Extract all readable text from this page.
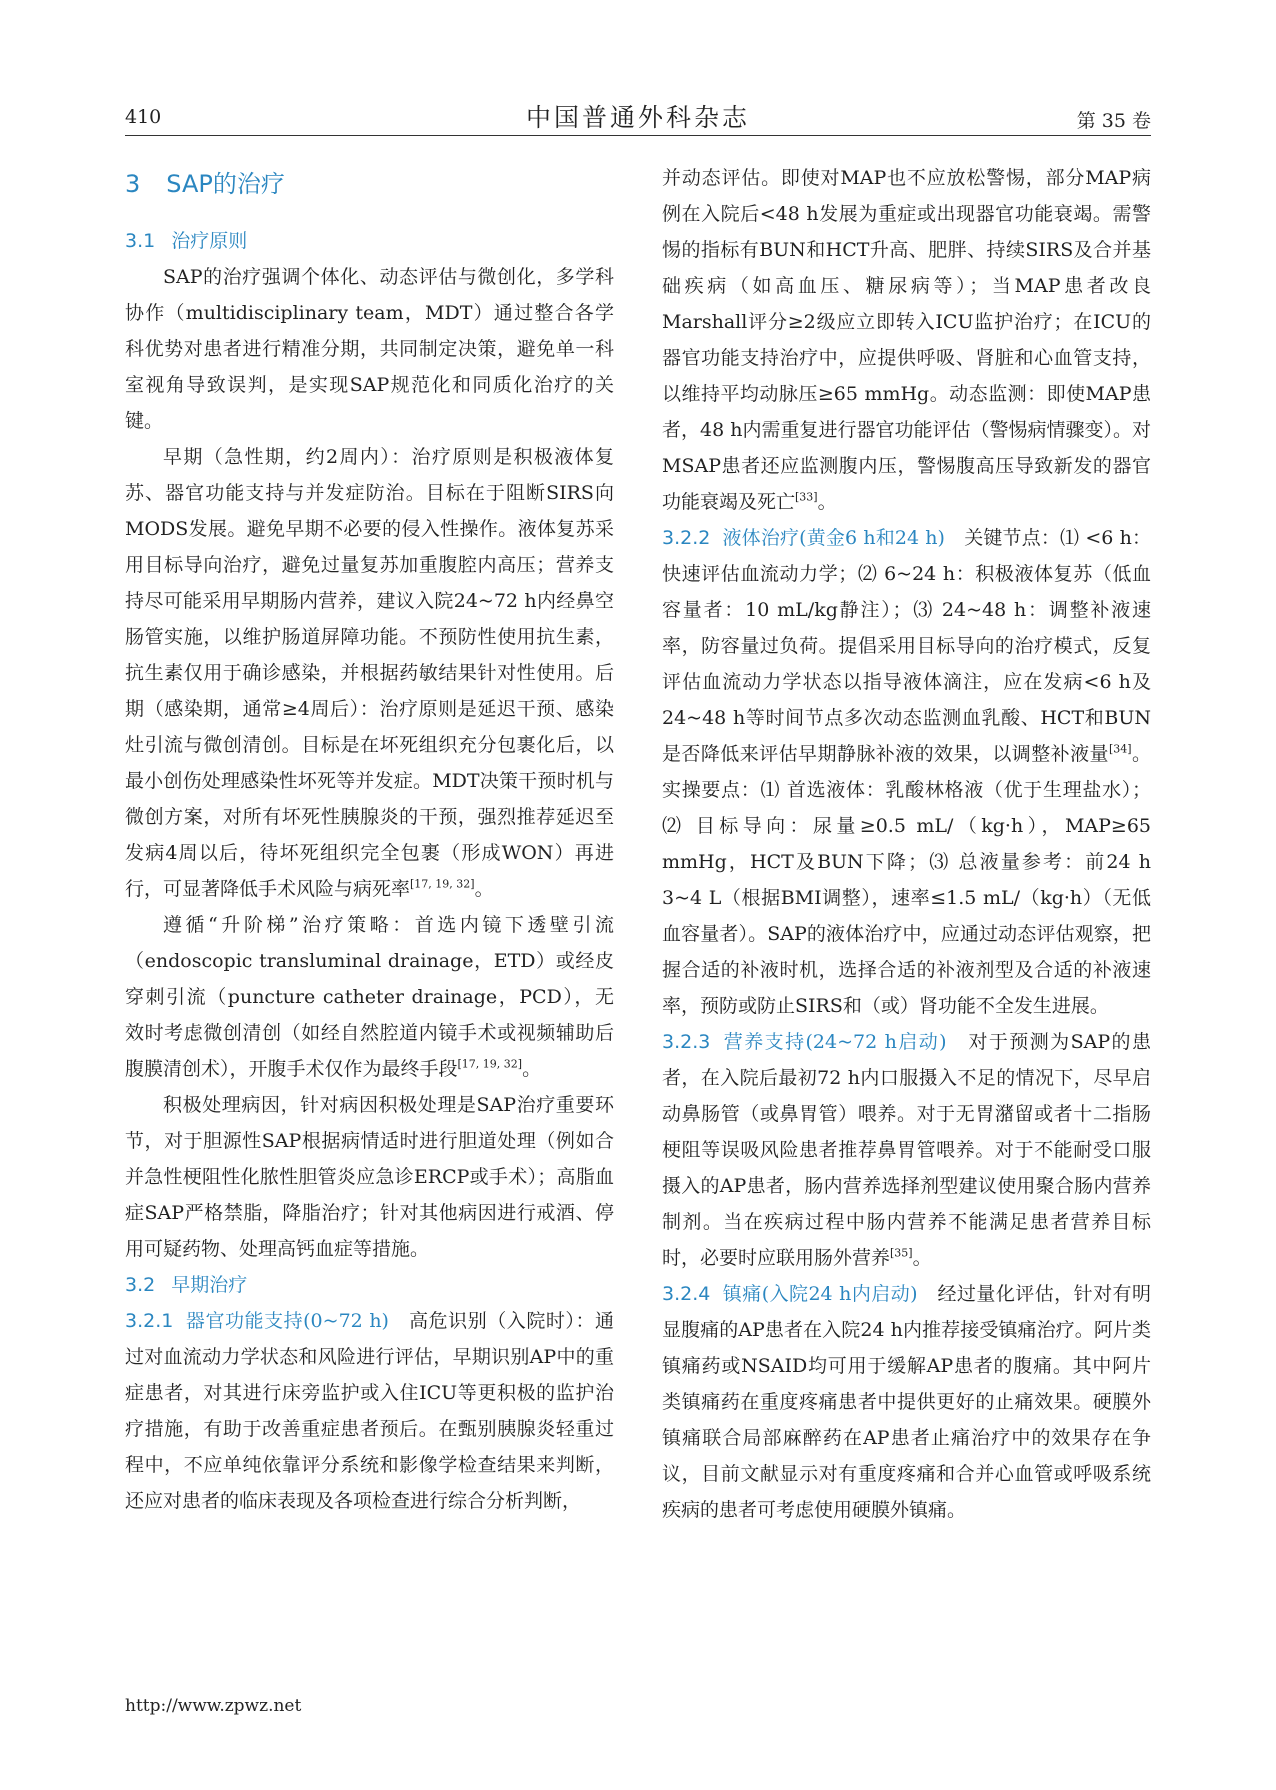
410	中国普通外科杂志	第 35 卷
3 SAP的治疗
3.1 治疗原则

SAP的治疗强调个体化、动态评估与微创化，多学科协作（multidisciplinary team，MDT）通过整合各学科优势对患者进行精准分期，共同制定决策，避免单一科室视角导致误判，是实现SAP规范化和同质化治疗的关键。

早期（急性期，约2周内）：治疗原则是积极液体复苏、器官功能支持与并发症防治。目标在于阻断SIRS向MODS发展。避免早期不必要的侵入性操作。液体复苏采用目标导向治疗，避免过量复苏加重腹腔内高压；营养支持尽可能采用早期肠内营养，建议入院24~72 h内经鼻空肠管实施，以维护肠道屏障功能。不预防性使用抗生素，抗生素仅用于确诊感染，并根据药敏结果针对性使用。后期（感染期，通常≥4周后）：治疗原则是延迟干预、感染灶引流与微创清创。目标是在坏死组织充分包裹化后，以最小创伤处理感染性坏死等并发症。MDT决策干预时机与微创方案，对所有坏死性胰腺炎的干预，强烈推荐延迟至发病4周以后，待坏死组织完全包裹（形成WON）再进行，可显著降低手术风险与病死率[17, 19, 32]。

遵循“升阶梯”治疗策略：首选内镜下透壁引流（endoscopic transluminal drainage，ETD）或经皮穿刺引流（puncture catheter drainage，PCD），无效时考虑微创清创（如经自然腔道内镜手术或视频辅助后腹膜清创术），开腹手术仅作为最终手段[17, 19, 32]。

积极处理病因，针对病因积极处理是SAP治疗重要环节，对于胆源性SAP根据病情适时进行胆道处理（例如合并急性梗阻性化脓性胆管炎应急诊ERCP或手术）；高脂血症SAP严格禁脂，降脂治疗；针对其他病因进行戒酒、停用可疑药物、处理高钙血症等措施。

3.2 早期治疗

3.2.1 器官功能支持(0~72 h)　 高危识别（入院时）：通过对血流动力学状态和风险进行评估，早期识别AP中的重症患者，对其进行床旁监护或入住ICU等更积极的监护治疗措施，有助于改善重症患者预后。在甄别胰腺炎轻重过程中，不应单纯依靠评分系统和影像学检查结果来判断，还应对患者的临床表现及各项检查进行综合分析判断，

并动态评估。即使对MAP也不应放松警惕，部分MAP病例在入院后<48 h发展为重症或出现器官功能衰竭。需警惕的指标有BUN和HCT升高、肥胖、持续SIRS及合并基础疾病（如高血压、糖尿病等）；当MAP患者改良Marshall评分≥2级应立即转入ICU监护治疗；在ICU的器官功能支持治疗中，应提供呼吸、肾脏和心血管支持，以维持平均动脉压≥65 mmHg。动态监测：即使MAP患者，48 h内需重复进行器官功能评估（警惕病情骤变）。对MSAP患者还应监测腹内压，警惕腹高压导致新发的器官功能衰竭及死亡[33]。

3.2.2 液体治疗(黄金6 h和24 h)　 关键节点：⑴ <6 h：快速评估血流动力学；⑵ 6~24 h：积极液体复苏（低血容量者：10 mL/kg静注）；⑶ 24~48 h：调整补液速率，防容量过负荷。提倡采用目标导向的治疗模式，反复评估血流动力学状态以指导液体滴注，应在发病<6 h及24~48 h等时间节点多次动态监测血乳酸、HCT和BUN是否降低来评估早期静脉补液的效果，以调整补液量[34]。实操要点：⑴ 首选液体：乳酸林格液（优于生理盐水）；⑵ 目标导向：尿量≥0.5 mL/（kg·h），MAP≥65 mmHg，HCT及BUN下降；⑶ 总液量参考：前24 h 3~4 L（根据BMI调整），速率≤1.5 mL/（kg·h）（无低血容量者）。SAP的液体治疗中，应通过动态评估观察，把握合适的补液时机，选择合适的补液剂型及合适的补液速率，预防或防止SIRS和（或）肾功能不全发生进展。

3.2.3 营养支持(24~72 h启动)　 对于预测为SAP的患者，在入院后最初72 h内口服摄入不足的情况下，尽早启动鼻肠管（或鼻胃管）喂养。对于无胃潴留或者十二指肠梗阻等误吸风险患者推荐鼻胃管喂养。对于不能耐受口服摄入的AP患者，肠内营养选择剂型建议使用聚合肠内营养制剂。当在疾病过程中肠内营养不能满足患者营养目标时，必要时应联用肠外营养[35]。

3.2.4 镇痛(入院24 h内启动)　 经过量化评估，针对有明显腹痛的AP患者在入院24 h内推荐接受镇痛治疗。阿片类镇痛药或NSAID均可用于缓解AP患者的腹痛。其中阿片类镇痛药在重度疼痛患者中提供更好的止痛效果。硬膜外镇痛联合局部麻醉药在AP患者止痛治疗中的效果存在争议，目前文献显示对有重度疼痛和合并心血管或呼吸系统疾病的患者可考虑使用硬膜外镇痛。

http://www.zpwz.net
